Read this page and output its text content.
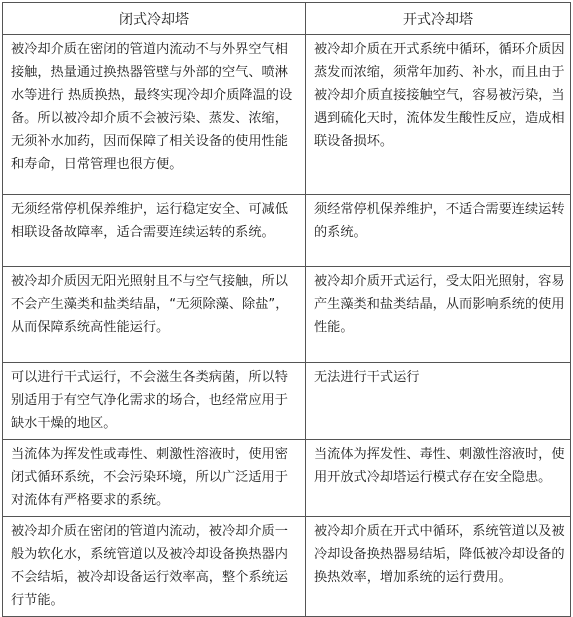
闭式冷却塔	开式冷却塔
被冷却介质在密闭的管道内流动不与外界空气相接触，热量通过换热器管壁与外部的空气、喷淋水等进行 热质换热，最终实现冷却介质降温的设备。所以被冷却介质不会被污染、蒸发、浓缩，无须补水加药，因而保障了相关设备的使用性能和寿命，日常管理也很方便。	被冷却介质在开式系统中循环，循环介质因蒸发而浓缩，须常年加药、补水，而且由于被冷却介质直接接触空气，容易被污染，当遇到硫化天时，流体发生酸性反应，造成相联设备损坏。
无须经常停机保养维护，运行稳定安全、可减低相联设备故障率，适合需要连续运转的系统。	须经常停机保养维护，不适合需要连续运转的系统。
被冷却介质因无阳光照射且不与空气接触，所以不会产生藻类和盐类结晶，“无须除藻、除盐”，从而保障系统高性能运行。	被冷却介质开式运行，受太阳光照射，容易产生藻类和盐类结晶，从而影响系统的使用性能。
可以进行干式运行，不会滋生各类病菌，所以特别适用于有空气净化需求的场合，也经常应用于缺水干燥的地区。	无法进行干式运行
当流体为挥发性或毒性、刺激性溶液时，使用密闭式循环系统，不会污染环境，所以广泛适用于对流体有严格要求的系统。	当流体为挥发性、毒性、刺激性溶液时，使用开放式冷却塔运行模式存在安全隐患。
被冷却介质在密闭的管道内流动，被冷却介质一般为软化水，系统管道以及被冷却设备换热器内不会结垢，被冷却设备运行效率高，整个系统运行节能。	被冷却介质在开式中循环，系统管道以及被冷却设备换热器易结垢，降低被冷却设备的换热效率，增加系统的运行费用。
